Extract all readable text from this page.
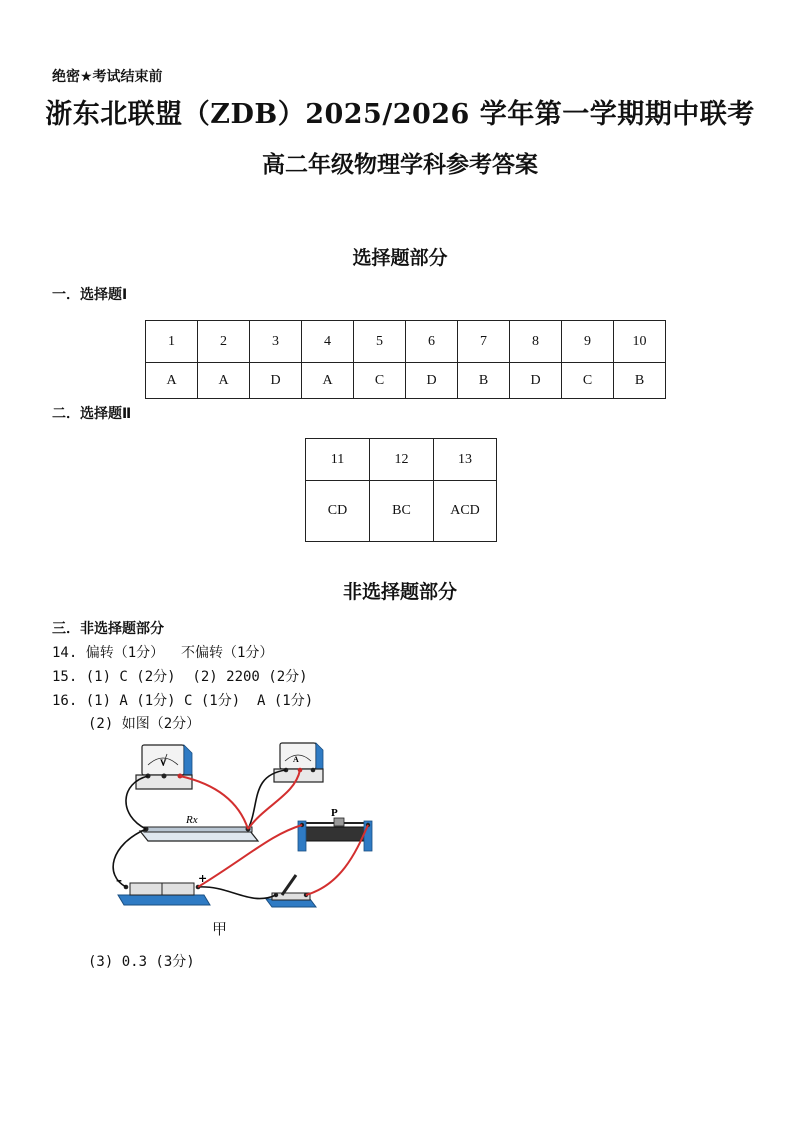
绝密★考试结束前
浙东北联盟（ZDB）2025/2026 学年第一学期期中联考
高二年级物理学科参考答案
选择题部分
一．选择题Ⅰ
1	2	3	4	5	6	7	8	9	10
A	A	D	A	C	D	B	D	C	B
二．选择题Ⅱ
11	12	13
CD	BC	ACD
非选择题部分
三．非选择题部分
14. 偏转（1分）  不偏转（1分）
15. (1) C (2分)  (2) 2200 (2分)
16. (1) A (1分) C (1分)  A (1分)
(2) 如图（2分）
V	A
Rx
P
–	+
甲
(3) 0.3 (3分)
